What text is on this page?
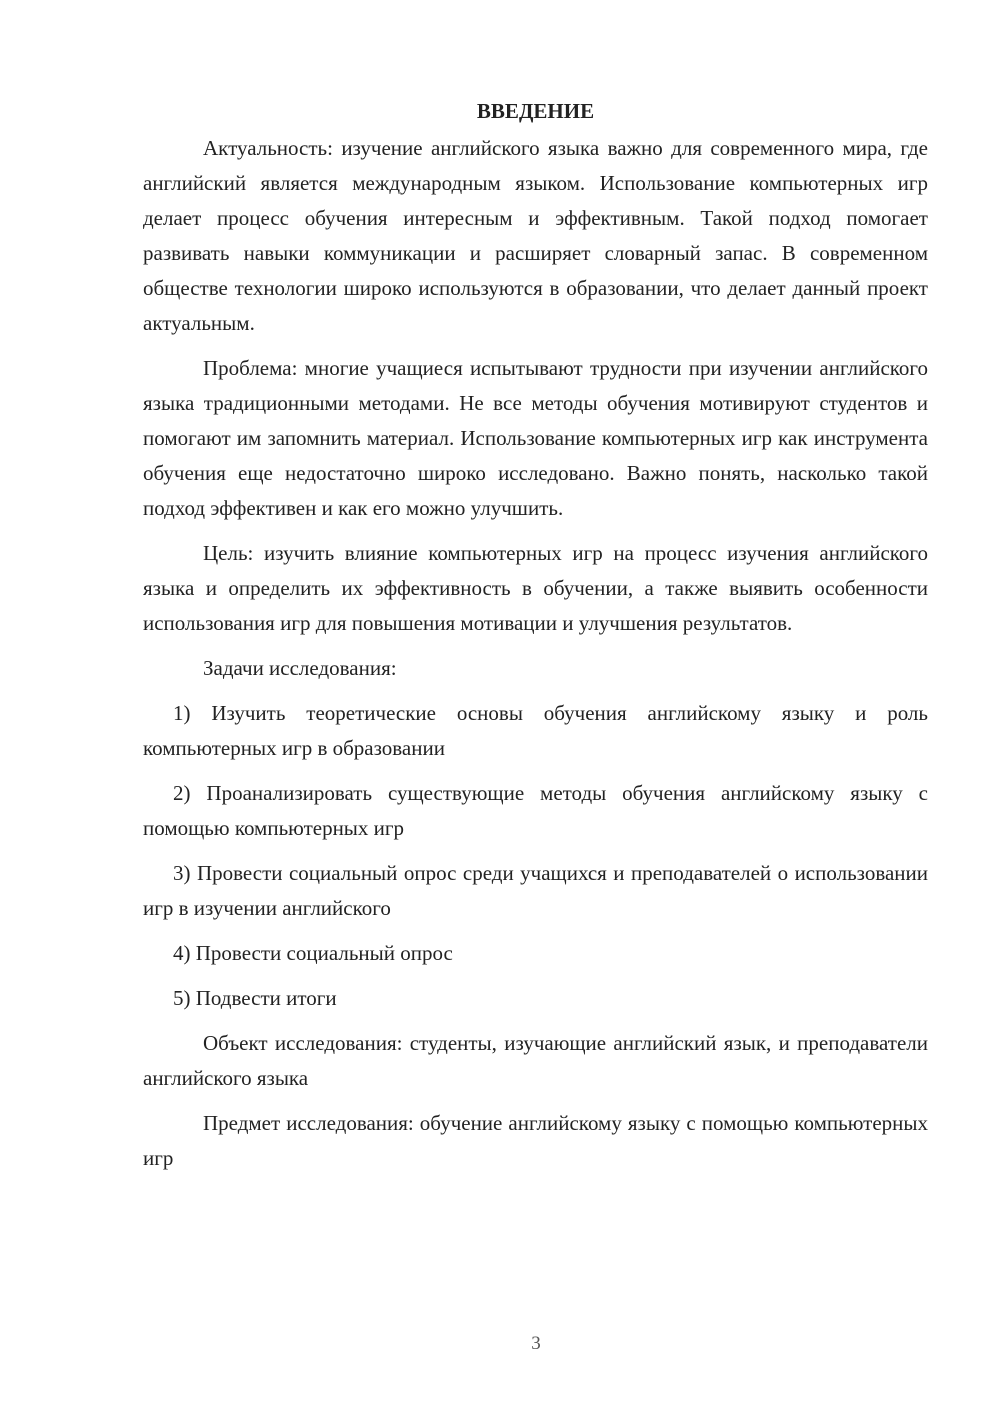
ВВЕДЕНИЕ

Актуальность: изучение английского языка важно для современного мира, где английский является международным языком. Использование компьютерных игр делает процесс обучения интересным и эффективным. Такой подход помогает развивать навыки коммуникации и расширяет словарный запас. В современном обществе технологии широко используются в образовании, что делает данный проект актуальным.

Проблема: многие учащиеся испытывают трудности при изучении английского языка традиционными методами. Не все методы обучения мотивируют студентов и помогают им запомнить материал. Использование компьютерных игр как инструмента обучения еще недостаточно широко исследовано. Важно понять, насколько такой подход эффективен и как его можно улучшить.

Цель: изучить влияние компьютерных игр на процесс изучения английского языка и определить их эффективность в обучении, а также выявить особенности использования игр для повышения мотивации и улучшения результатов.

Задачи исследования:

1) Изучить теоретические основы обучения английскому языку и роль компьютерных игр в образовании

2) Проанализировать существующие методы обучения английскому языку с помощью компьютерных игр

3) Провести социальный опрос среди учащихся и преподавателей о использовании игр в изучении английского

4) Провести социальный опрос

5) Подвести итоги

Объект исследования: студенты, изучающие английский язык, и преподаватели английского языка

Предмет исследования: обучение английскому языку с помощью компьютерных игр

3
